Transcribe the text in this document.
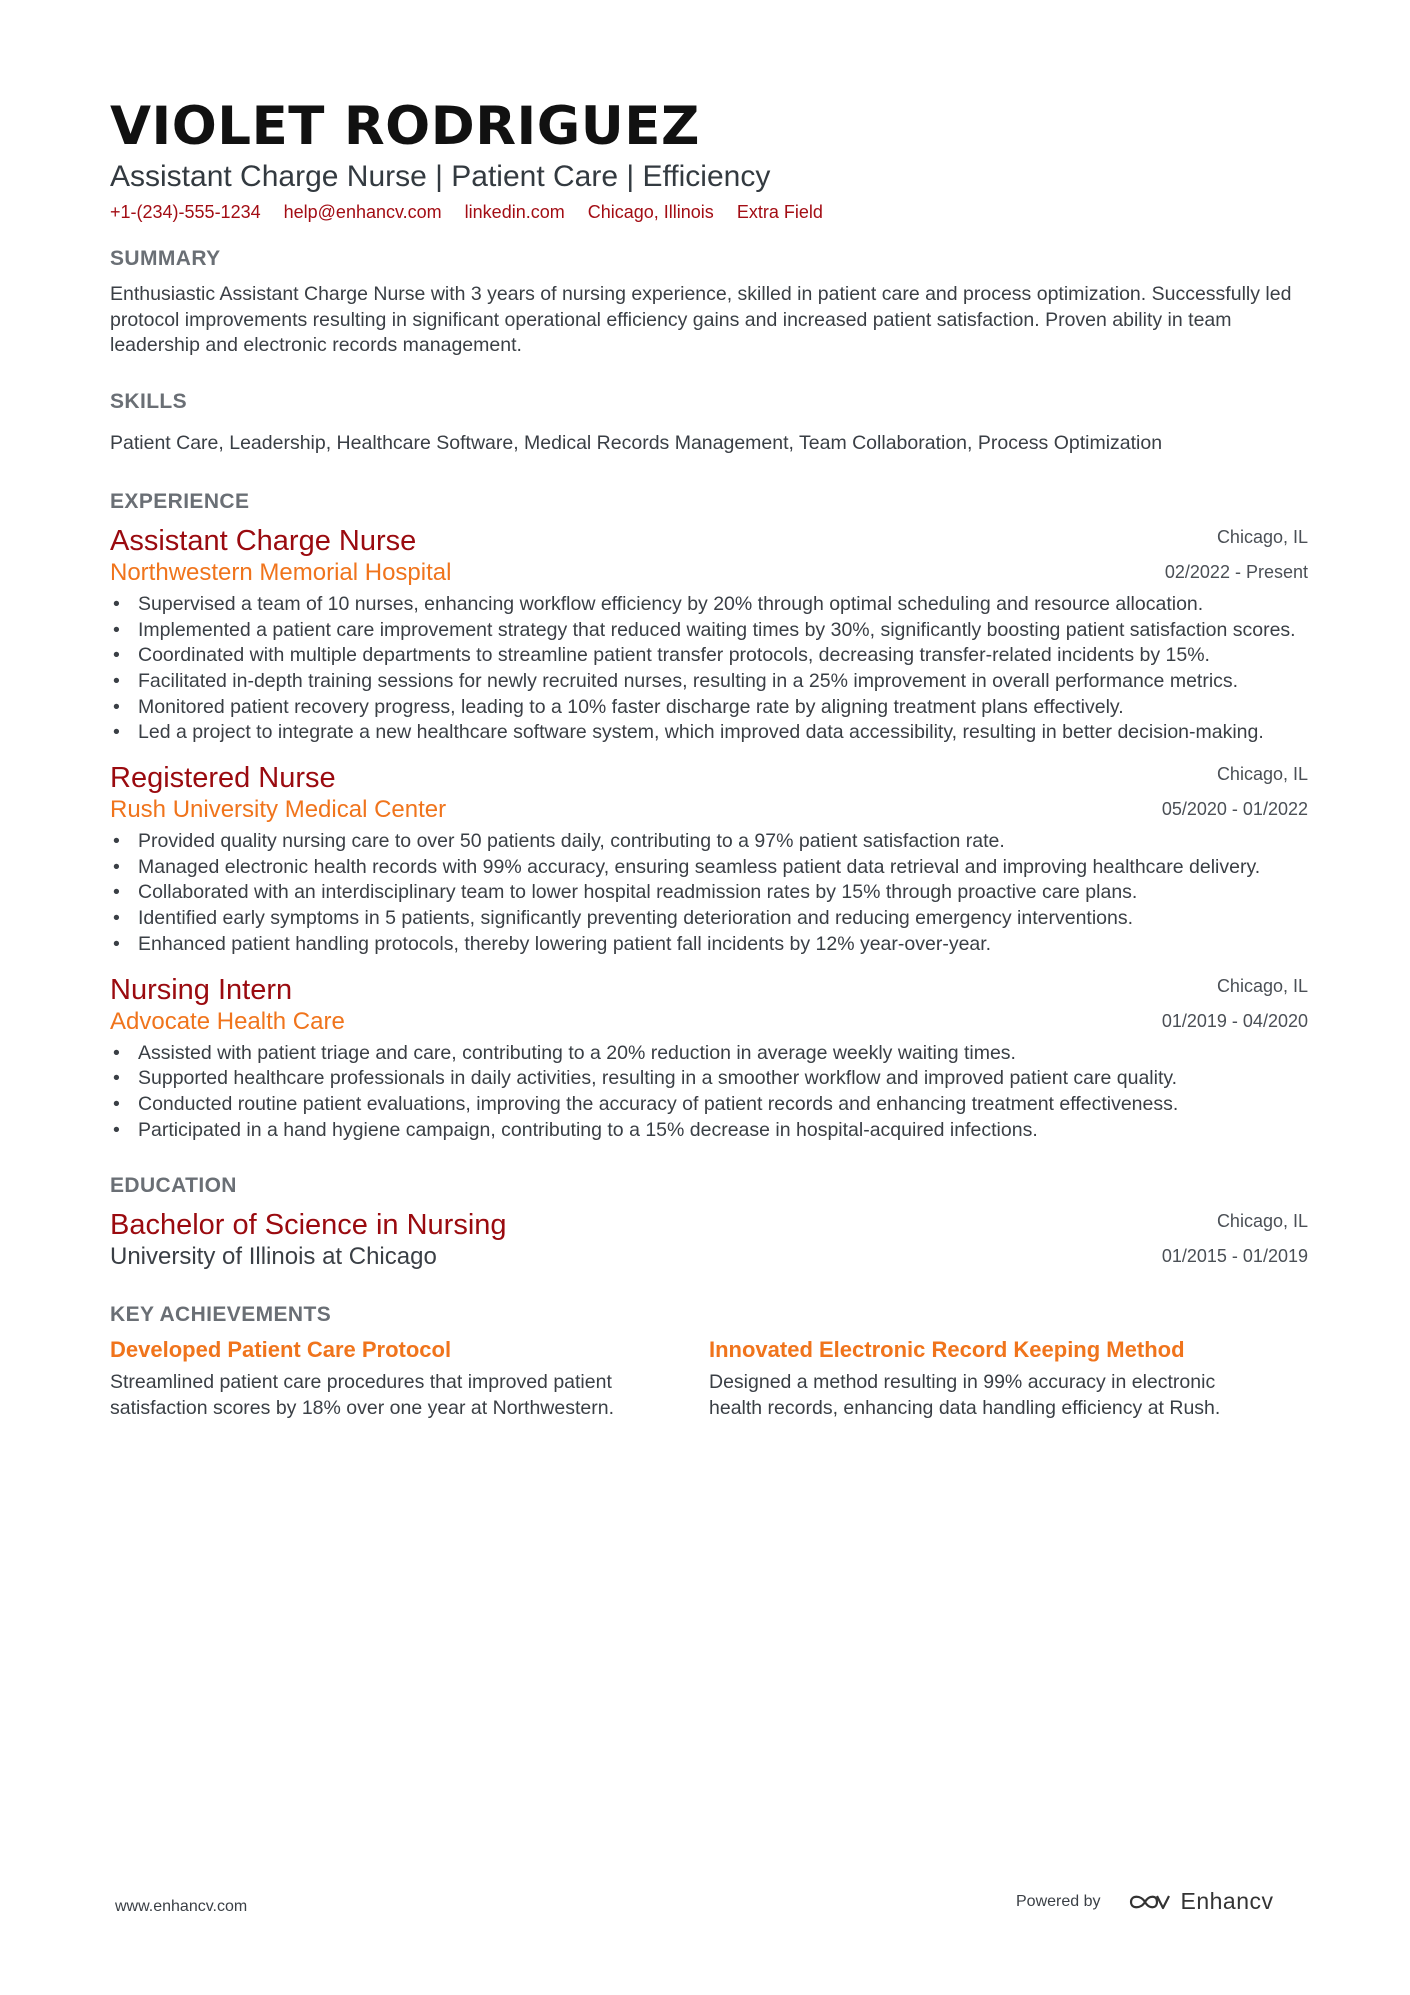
VIOLET RODRIGUEZ
Assistant Charge Nurse | Patient Care | Efficiency
+1-(234)-555-1234 help@enhancv.com linkedin.com Chicago, Illinois Extra Field
SUMMARY
Enthusiastic Assistant Charge Nurse with 3 years of nursing experience, skilled in patient care and process optimization. Successfully led protocol improvements resulting in significant operational efficiency gains and increased patient satisfaction. Proven ability in team leadership and electronic records management.
SKILLS
Patient Care, Leadership, Healthcare Software, Medical Records Management, Team Collaboration, Process Optimization
EXPERIENCE
Assistant Charge Nurse
Northwestern Memorial Hospital
Chicago, IL
02/2022 - Present
• Supervised a team of 10 nurses, enhancing workflow efficiency by 20% through optimal scheduling and resource allocation.
• Implemented a patient care improvement strategy that reduced waiting times by 30%, significantly boosting patient satisfaction scores.
• Coordinated with multiple departments to streamline patient transfer protocols, decreasing transfer-related incidents by 15%.
• Facilitated in-depth training sessions for newly recruited nurses, resulting in a 25% improvement in overall performance metrics.
• Monitored patient recovery progress, leading to a 10% faster discharge rate by aligning treatment plans effectively.
• Led a project to integrate a new healthcare software system, which improved data accessibility, resulting in better decision-making.
Registered Nurse
Rush University Medical Center
Chicago, IL
05/2020 - 01/2022
• Provided quality nursing care to over 50 patients daily, contributing to a 97% patient satisfaction rate.
• Managed electronic health records with 99% accuracy, ensuring seamless patient data retrieval and improving healthcare delivery.
• Collaborated with an interdisciplinary team to lower hospital readmission rates by 15% through proactive care plans.
• Identified early symptoms in 5 patients, significantly preventing deterioration and reducing emergency interventions.
• Enhanced patient handling protocols, thereby lowering patient fall incidents by 12% year-over-year.
Nursing Intern
Advocate Health Care
Chicago, IL
01/2019 - 04/2020
• Assisted with patient triage and care, contributing to a 20% reduction in average weekly waiting times.
• Supported healthcare professionals in daily activities, resulting in a smoother workflow and improved patient care quality.
• Conducted routine patient evaluations, improving the accuracy of patient records and enhancing treatment effectiveness.
• Participated in a hand hygiene campaign, contributing to a 15% decrease in hospital-acquired infections.
EDUCATION
Bachelor of Science in Nursing
University of Illinois at Chicago
Chicago, IL
01/2015 - 01/2019
KEY ACHIEVEMENTS
Developed Patient Care Protocol
Streamlined patient care procedures that improved patient satisfaction scores by 18% over one year at Northwestern.
Innovated Electronic Record Keeping Method
Designed a method resulting in 99% accuracy in electronic health records, enhancing data handling efficiency at Rush.
www.enhancv.com	Powered by	Enhancv
